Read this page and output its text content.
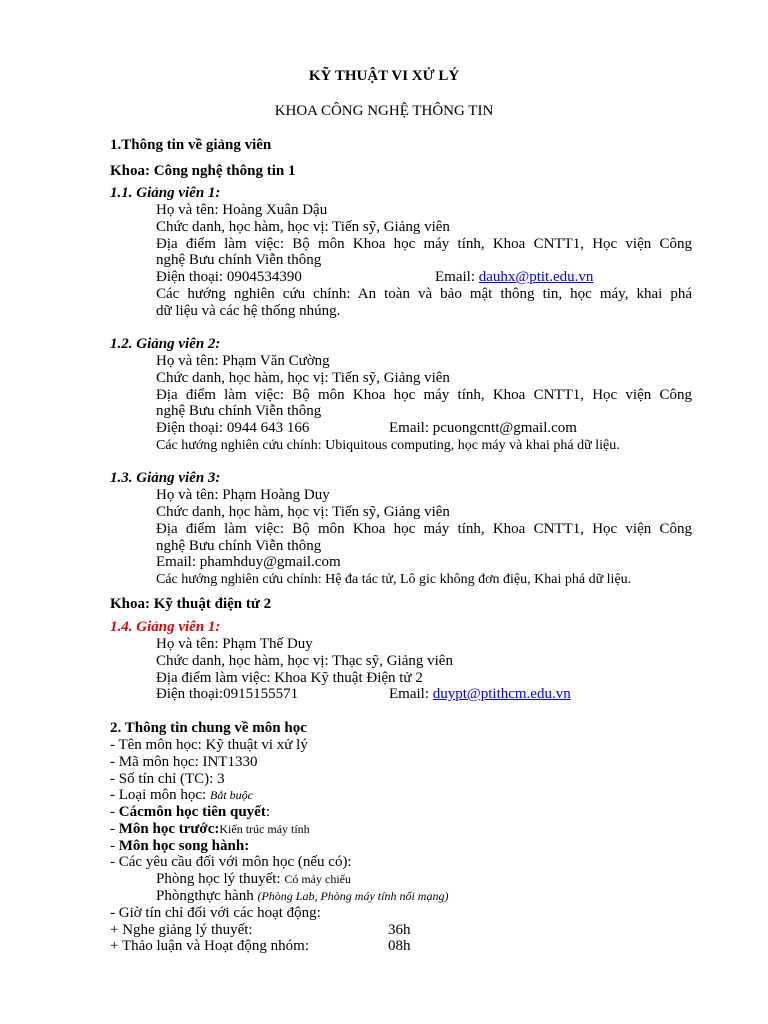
KỸ THUẬT VI XỬ LÝ
KHOA CÔNG NGHỆ THÔNG TIN
1.Thông tin về giảng viên
Khoa: Công nghệ thông tin 1
1.1. Giảng viên 1:
Họ và tên: Hoàng Xuân Dậu
Chức danh, học hàm, học vị: Tiến sỹ, Giảng viên
Địa điểm làm việc: Bộ môn Khoa học máy tính, Khoa CNTT1, Học viện Công
nghệ Bưu chính Viễn thông
Điện thoại: 0904534390	Email: dauhx@ptit.edu.vn
Các hướng nghiên cứu chính: An toàn và bảo mật thông tin, học máy, khai phá
dữ liệu và các hệ thống nhúng.
1.2. Giảng viên 2:
Họ và tên: Phạm Văn Cường
Chức danh, học hàm, học vị: Tiến sỹ, Giảng viên
Địa điểm làm việc: Bộ môn Khoa học máy tính, Khoa CNTT1, Học viện Công
nghệ Bưu chính Viễn thông
Điện thoại: 0944 643 166	Email: pcuongcntt@gmail.com
Các hướng nghiên cứu chính: Ubiquitous computing, học máy và khai phá dữ liệu.
1.3. Giảng viên 3:
Họ và tên: Phạm Hoàng Duy
Chức danh, học hàm, học vị: Tiến sỹ, Giảng viên
Địa điểm làm việc: Bộ môn Khoa học máy tính, Khoa CNTT1, Học viện Công
nghệ Bưu chính Viễn thông
Email: phamhduy@gmail.com
Các hướng nghiên cứu chính: Hệ đa tác tử, Lô gic không đơn điệu, Khai phá dữ liệu.
Khoa: Kỹ thuật điện tử 2
1.4. Giảng viên 1:
Họ và tên: Phạm Thế Duy
Chức danh, học hàm, học vị: Thạc sỹ, Giảng viên
Địa điểm làm việc: Khoa Kỹ thuật Điện tử 2
Điện thoại:0915155571	Email: duypt@ptithcm.edu.vn
2. Thông tin chung về môn học
- Tên môn học: Kỹ thuật vi xử lý
- Mã môn học: INT1330
- Số tín chỉ (TC): 3
- Loại môn học: Bắt buộc
- Cácmôn học tiên quyết:
- Môn học trước:Kiến trúc máy tính
- Môn học song hành:
- Các yêu cầu đối với môn học (nếu có):
Phòng học lý thuyết: Có máy chiếu
Phòngthực hành (Phòng Lab, Phòng máy tính nối mạng)
- Giờ tín chỉ đối với các hoạt động:
+ Nghe giảng lý thuyết:	36h
+ Thảo luận và Hoạt động nhóm:	08h
